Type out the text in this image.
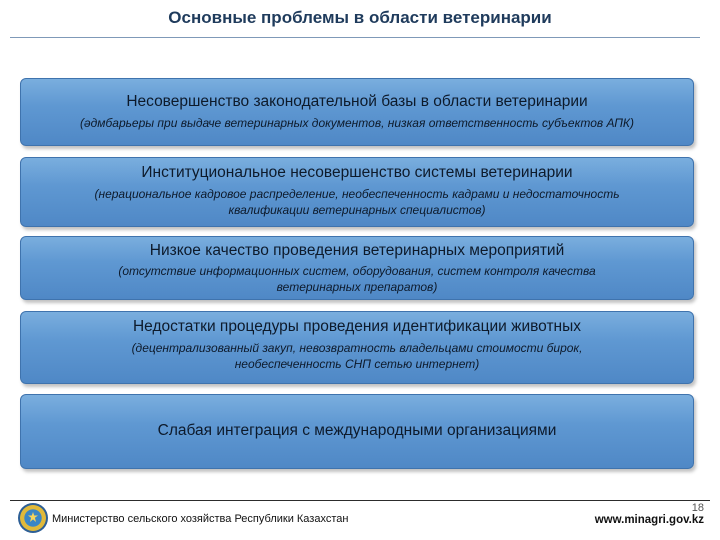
Основные проблемы в области ветеринарии
Несовершенство законодательной базы в области ветеринарии
(әдмбарьеры при выдаче ветеринарных документов, низкая ответственность субъектов АПК)
Институциональное несовершенство системы ветеринарии
(нерациональное кадровое распределение, необеспеченность кадрами и недостаточность
квалификации ветеринарных специалистов)
Низкое качество проведения ветеринарных мероприятий
(отсутствие информационных систем, оборудования, систем контроля качества
ветеринарных препаратов)
Недостатки процедуры проведения идентификации животных
(децентрализованный закуп, невозвратность владельцами стоимости бирок,
необеспеченность СНП сетью интернет)
Слабая интеграция с международными организациями
Министерство сельского хозяйства Республики Казахстан
18
www.minagri.gov.kz
